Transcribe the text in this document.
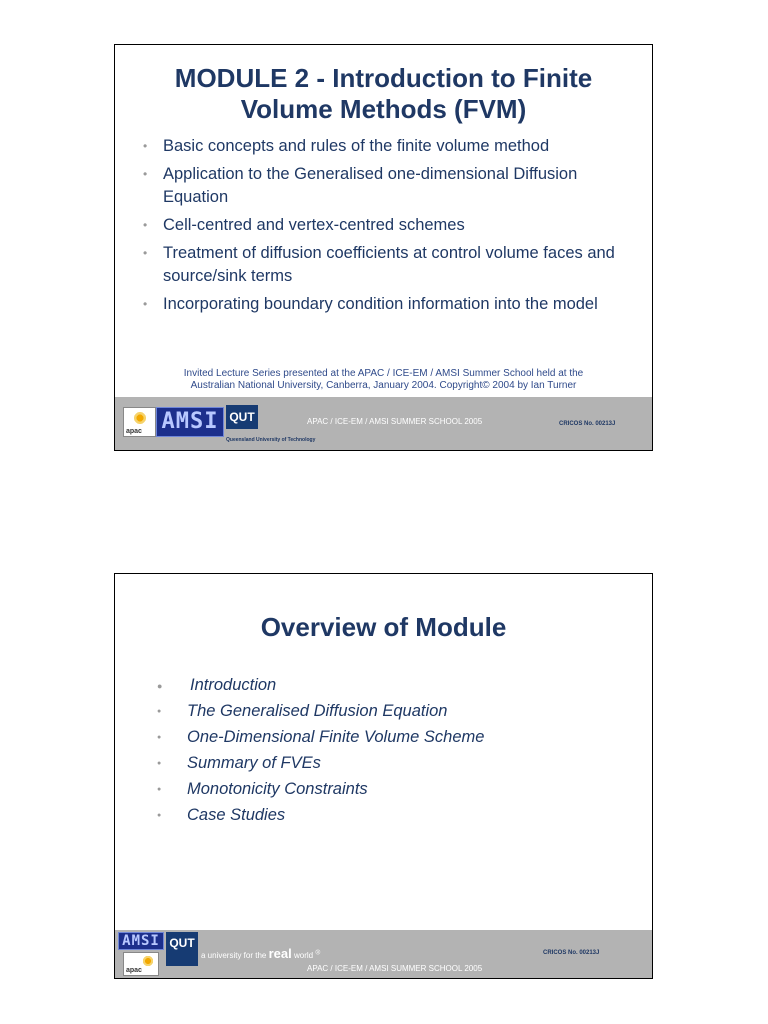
MODULE 2 - Introduction to Finite
Volume Methods (FVM)
• Basic concepts and rules of the finite volume method
• Application to the Generalised one-dimensional Diffusion Equation
• Cell-centred and vertex-centred schemes
• Treatment of diffusion coefficients at control volume faces and source/sink terms
• Incorporating boundary condition information into the model
Invited Lecture Series presented at the APAC / ICE-EM / AMSI Summer School held at the
Australian National University, Canberra, January 2004. Copyright© 2004 by Ian Turner
apac AMSI QUT
Queensland University of Technology
APAC / ICE-EM / AMSI SUMMER SCHOOL 2005	CRICOS No. 00213J
Overview of Module
● Introduction
● The Generalised Diffusion Equation
● One-Dimensional Finite Volume Scheme
● Summary of FVEs
● Monotonicity Constraints
● Case Studies
AMSI QUT
apac
a university for the real world ®
APAC / ICE-EM / AMSI SUMMER SCHOOL 2005
CRICOS No. 00213J
